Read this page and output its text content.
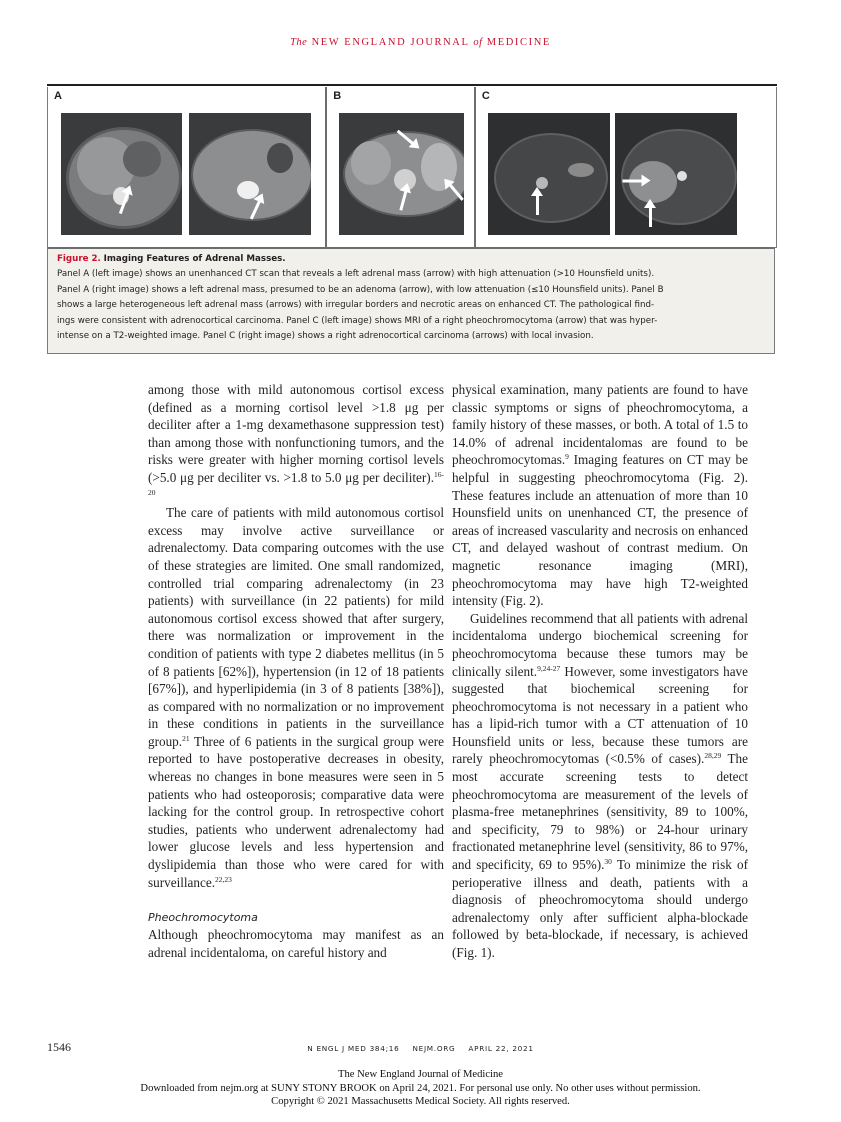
The NEW ENGLAND JOURNAL of MEDICINE
A	B	C

Figure 2. Imaging Features of Adrenal Masses.

Panel A (left image) shows an unenhanced CT scan that reveals a left adrenal mass (arrow) with high attenuation (>10 Hounsfield units).

Panel A (right image) shows a left adrenal mass, presumed to be an adenoma (arrow), with low attenuation (≤10 Hounsfield units). Panel B

shows a large heterogeneous left adrenal mass (arrows) with irregular borders and necrotic areas on enhanced CT. The pathological find-

ings were consistent with adrenocortical carcinoma. Panel C (left image) shows MRI of a right pheochromocytoma (arrow) that was hyper-

intense on a T2-weighted image. Panel C (right image) shows a right adrenocortical carcinoma (arrows) with local invasion.

among those with mild autonomous cortisol excess (defined as a morning cortisol level >1.8 μg per deciliter after a 1-mg dexamethasone suppression test) than among those with nonfunctioning tumors, and the risks were greater with higher morning cortisol levels (>5.0 μg per deciliter vs. >1.8 to 5.0 μg per deciliter).$^{16-20}$

The care of patients with mild autonomous cortisol excess may involve active surveillance or adrenalectomy. Data comparing outcomes with the use of these strategies are limited. One small randomized, controlled trial comparing adrenalectomy (in 23 patients) with surveillance (in 22 patients) for mild autonomous cortisol excess showed that after surgery, there was normalization or improvement in the condition of patients with type 2 diabetes mellitus (in 5 of 8 patients [62%]), hypertension (in 12 of 18 patients [67%]), and hyperlipidemia (in 3 of 8 patients [38%]), as compared with no normalization or no improvement in these conditions in patients in the surveillance group.$^{21}$ Three of 6 patients in the surgical group were reported to have postoperative decreases in obesity, whereas no changes in bone measures were seen in 5 patients who had osteoporosis; comparative data were lacking for the control group. In retrospective cohort studies, patients who underwent adrenalectomy had lower glucose levels and less hypertension and dyslipidemia than those who were cared for with surveillance.$^{22,23}$

Pheochromocytoma

Although pheochromocytoma may manifest as an adrenal incidentaloma, on careful history and

physical examination, many patients are found to have classic symptoms or signs of pheochromocytoma, a family history of these masses, or both. A total of 1.5 to 14.0% of adrenal incidentalomas are found to be pheochromocytomas.$^9$ Imaging features on CT may be helpful in suggesting pheochromocytoma (Fig. 2). These features include an attenuation of more than 10 Hounsfield units on unenhanced CT, the presence of areas of increased vascularity and necrosis on enhanced CT, and delayed washout of contrast medium. On magnetic resonance imaging (MRI), pheochromocytoma may have high T2-weighted intensity (Fig. 2).

Guidelines recommend that all patients with adrenal incidentaloma undergo biochemical screening for pheochromocytoma because these tumors may be clinically silent.$^{9,24-27}$ However, some investigators have suggested that biochemical screening for pheochromocytoma is not necessary in a patient who has a lipid-rich tumor with a CT attenuation of 10 Hounsfield units or less, because these tumors are rarely pheochromocytomas (<0.5% of cases).$^{28,29}$ The most accurate screening tests to detect pheochromocytoma are measurement of the levels of plasma-free metanephrines (sensitivity, 89 to 100%, and specificity, 79 to 98%) or 24-hour urinary fractionated metanephrine level (sensitivity, 86 to 97%, and specificity, 69 to 95%).$^{30}$ To minimize the risk of perioperative illness and death, patients with a diagnosis of pheochromocytoma should undergo adrenalectomy only after sufficient alpha-blockade followed by beta-blockade, if necessary, is achieved (Fig. 1).

1546	N ENGL J MED 384;16 NEJM.ORG APRIL 22, 2021
The New England Journal of Medicine
Downloaded from nejm.org at SUNY STONY BROOK on April 24, 2021. For personal use only. No other uses without permission.
Copyright © 2021 Massachusetts Medical Society. All rights reserved.
